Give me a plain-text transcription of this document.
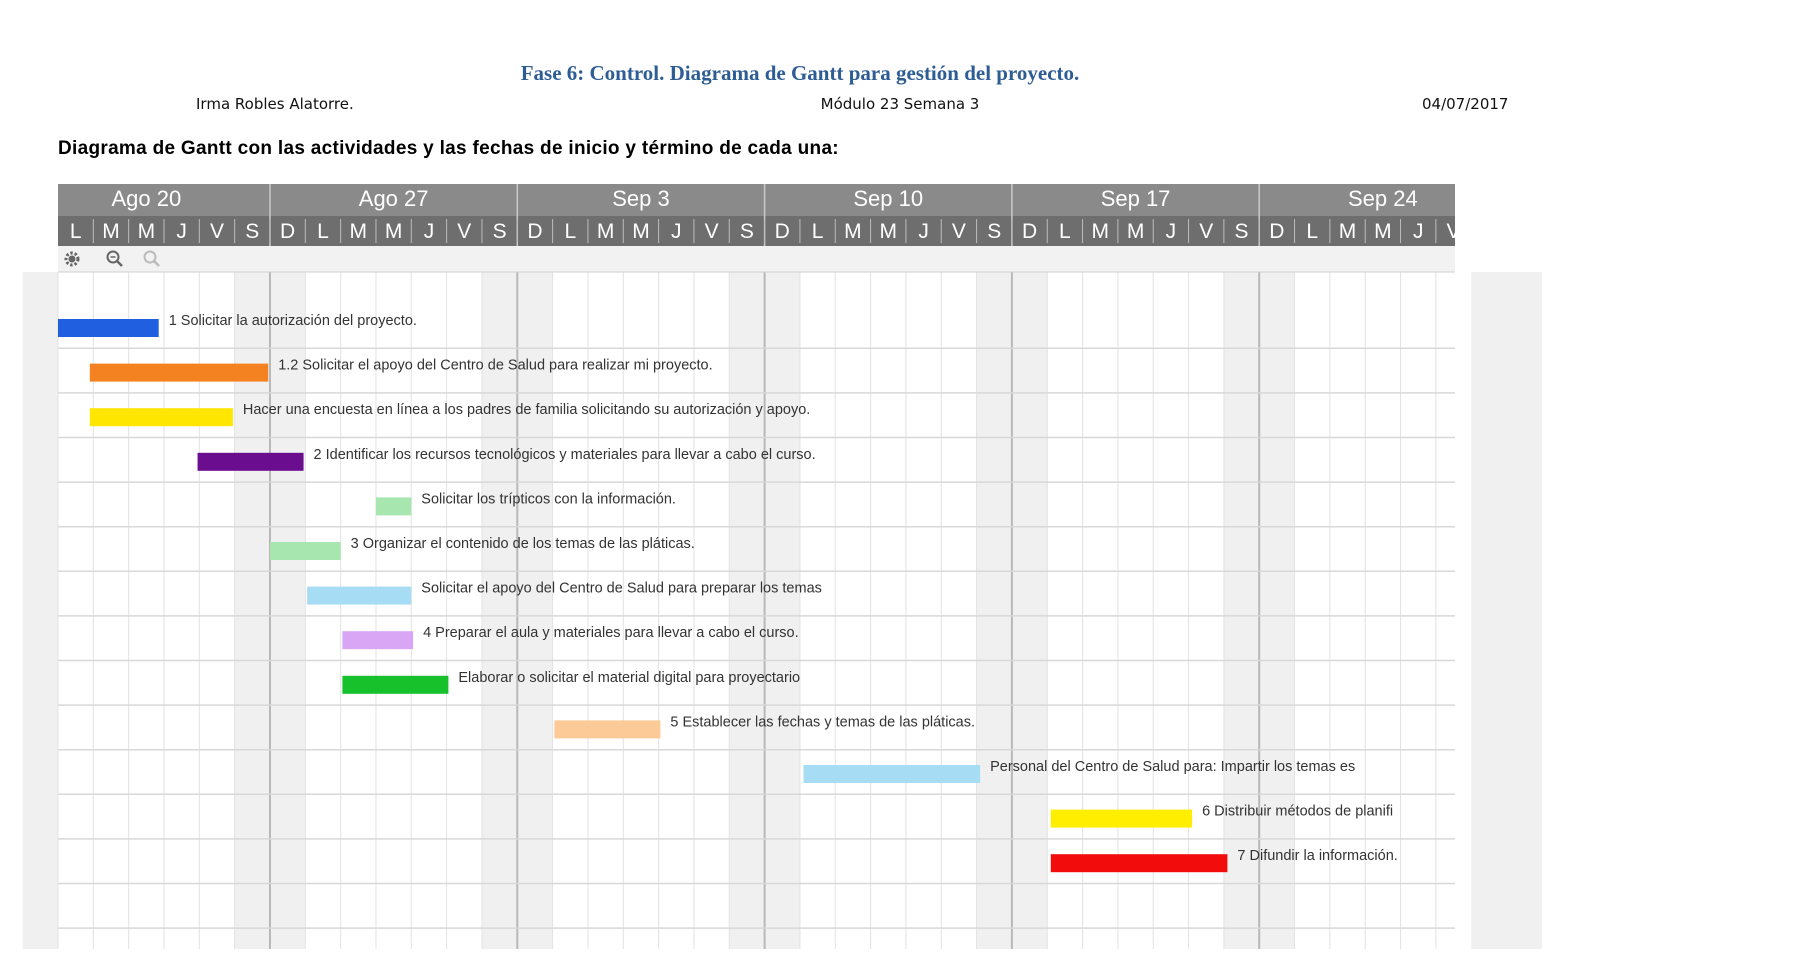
Fase 6: Control. Diagrama de Gantt para gestión del proyecto.
Irma Robles Alatorre.	Módulo 23 Semana 3	04/07/2017
Diagrama de Gantt con las actividades y las fechas de inicio y término de cada una:
Ago 20	Ago 27	Sep 3	Sep 10	Sep 17	Sep 24
L M M J V S D L M M J V S D L M M J V S D L M M J V S D L M M J V S D L M M J V
1 Solicitar la autorización del proyecto.
1.2 Solicitar el apoyo del Centro de Salud para realizar mi proyecto.
Hacer una encuesta en línea a los padres de familia solicitando su autorización y apoyo.
2 Identificar los recursos tecnológicos y materiales para llevar a cabo el curso.
Solicitar los trípticos con la información.
3 Organizar el contenido de los temas de las pláticas.
Solicitar el apoyo del Centro de Salud para preparar los temas
4 Preparar el aula y materiales para llevar a cabo el curso.
Elaborar o solicitar el material digital para proyectario
5 Establecer las fechas y temas de las pláticas.
Personal del Centro de Salud para: Impartir los temas es
6 Distribuir métodos de planifi
7 Difundir la información.
